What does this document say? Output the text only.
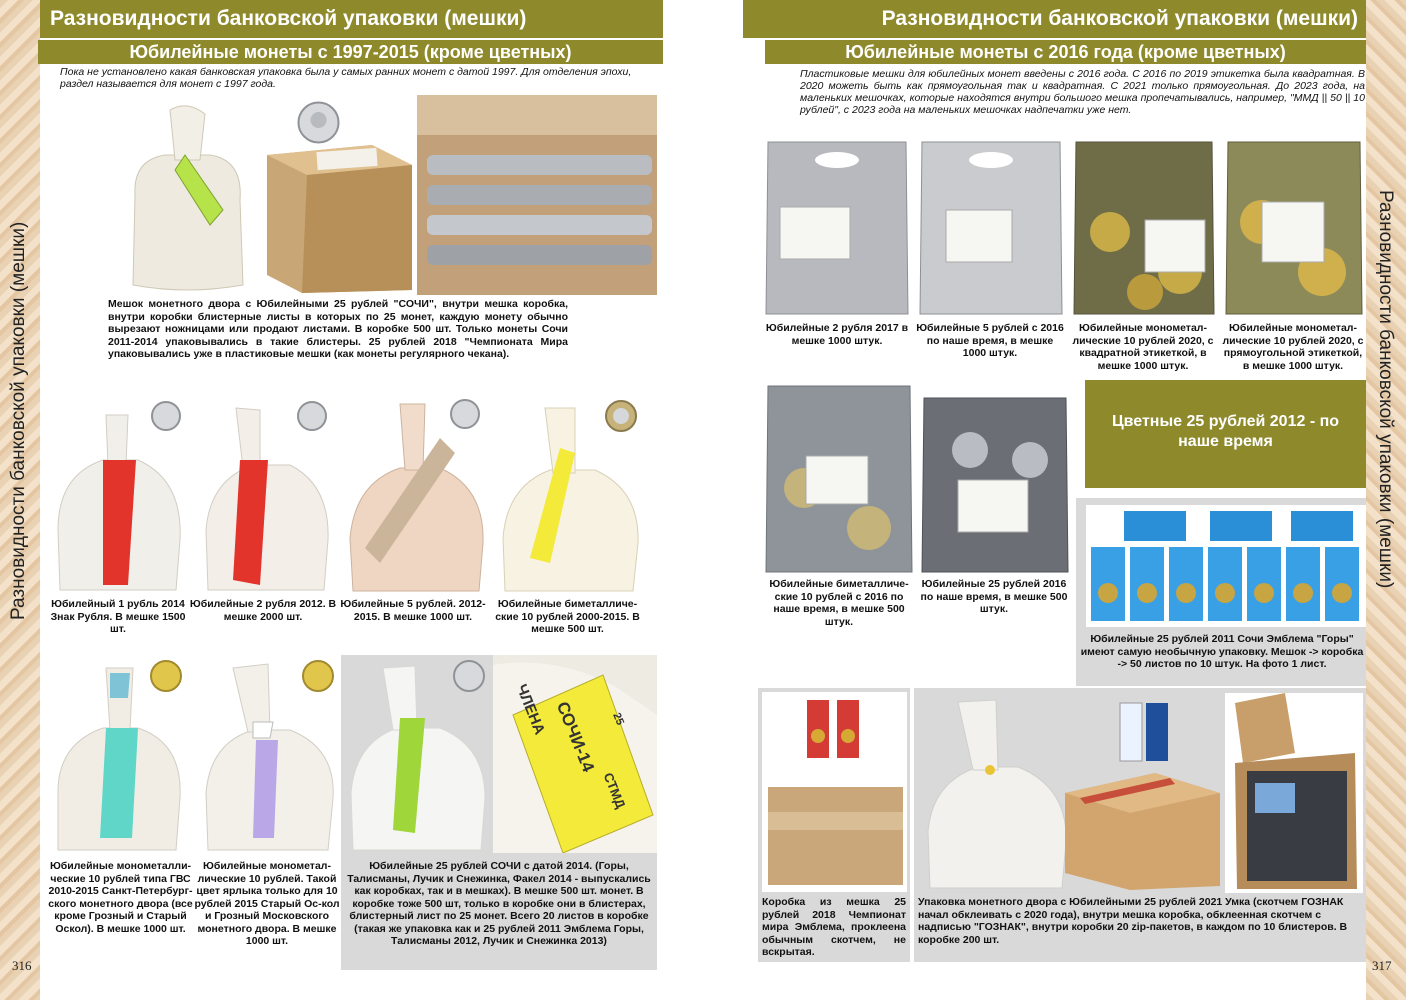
Разновидности банковской упаковки (мешки)	Разновидности банковской упаковки (мешки)
Разновидности банковской упаковки (мешки)	Разновидности банковской упаковки (мешки)
Юбилейные монеты с 1997-2015 (кроме цветных)	Юбилейные монеты с 2016 года (кроме цветных)
Пока не установлено какая банковская упаковка была у самых ранних монет с датой 1997. Для отделения эпохи, раздел называется для монет с 1997 года.
Пластиковые мешки для юбилейных монет введены с 2016 года. С 2016 по 2019 этикетка была квадратная. В 2020 можеть быть как прямоугольная так и квадратная. С 2021 только прямоугольная. До 2023 года, на маленьких мешочках, которые находятся внутри большого мешка пропечатывались, например, "ММД || 50 || 10 рублей", с 2023 года на маленьких мешочках надпечатки уже нет.
Мешок монетного двора с Юбилейными 25 рублей "СОЧИ", внутри мешка коробка, внутри коробки блистерные листы в которых по 25 монет, каждую монету обычно вырезают ножницами или продают листами. В коробке 500 шт. Только монеты Сочи 2011-2014 упаковывались в такие блистеры. 25 рублей 2018 "Чемпионата Мира упаковывались уже в пластиковые мешки (как монеты регулярного чекана).
Юбилейный 1 рубль 2014 Знак Рубля. В мешке 1500 шт.
Юбилейные 2 рубля 2012. В мешке 2000 шт.
Юбилейные 5 рублей. 2012-2015. В мешке 1000 шт.
Юбилейные биметалличе-ские 10 рублей 2000-2015. В мешке 500 шт.
25
СТМД
СОЧИ-14
ЧЛЕНА
Юбилейные монометалли-ческие 10 рублей типа ГВС 2010-2015 Санкт-Петербург-ского монетного двора (все кроме Грозный и Старый Оскол). В мешке 1000 шт.
Юбилейные монометал-лические 10 рублей. Такой цвет ярлыка только для 10 рублей 2015 Старый Ос-кол и Грозный Московского монетного двора. В мешке 1000 шт.
Юбилейные 25 рублей СОЧИ с датой 2014. (Горы, Талисманы, Лучик и Снежинка, Факел 2014 - выпускались как коробках, так и в мешках). В мешке 500 шт. монет. В коробке тоже 500 шт, только в коробке они в блистерах, блистерный лист по 25 монет. Всего 20 листов в коробке (такая же упаковка как и 25 рублей 2011 Эмблема Горы, Талисманы 2012, Лучик и Снежинка 2013)
316
Юбилейные 2 рубля 2017 в мешке 1000 штук.
Юбилейные 5 рублей с 2016 по наше время, в мешке 1000 штук.
Юбилейные монометал-лические 10 рублей 2020, с квадратной этикеткой, в мешке 1000 штук.
Юбилейные монометал-лические 10 рублей 2020, с прямоугольной этикеткой, в мешке 1000 штук.
Цветные 25 рублей 2012 - по наше время
Юбилейные биметалличе-ские 10 рублей с 2016 по наше время, в мешке 500 штук.
Юбилейные 25 рублей 2016 по наше время, в мешке 500 штук.
Юбилейные 25 рублей 2011 Сочи Эмблема "Горы" имеют самую необычную упаковку. Мешок -> коробка -> 50 листов по 10 штук. На фото 1 лист.
Коробка из мешка 25 рублей 2018 Чемпионат мира Эмблема, проклеена обычным скотчем, не вскрытая.
Упаковка монетного двора с Юбилейными 25 рублей 2021 Умка (скотчем ГОЗНАК начал обклеивать с 2020 года), внутри мешка коробка, обклеенная скотчем с надписью "ГОЗНАК", внутри коробки 20 zip-пакетов, в каждом по 10 блистеров. В коробке 200 шт.
317
